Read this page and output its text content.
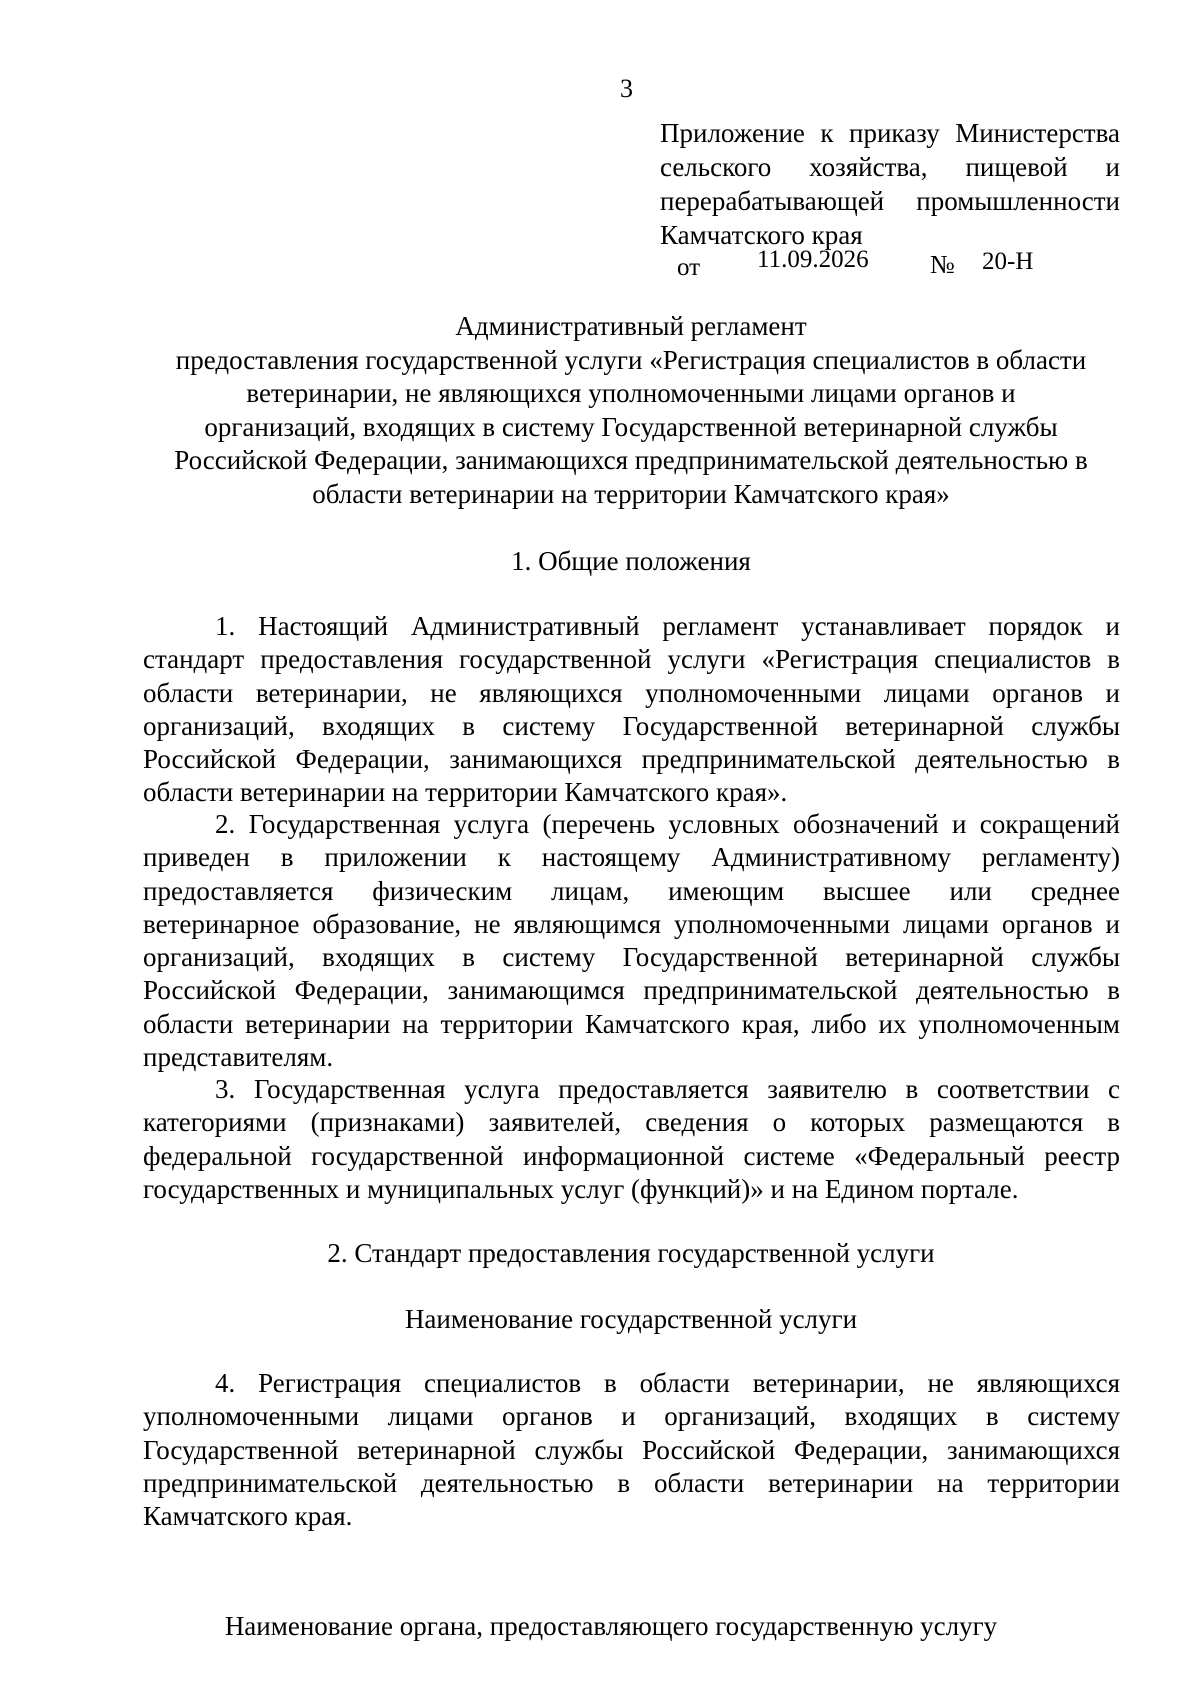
3
Приложение к приказу Министерства
сельского хозяйства, пищевой и
перерабатывающей промышленности
Камчатского края
от 11.09.2026 № 20-Н
Административный регламент
предоставления государственной услуги «Регистрация специалистов в области
ветеринарии, не являющихся уполномоченными лицами органов и
организаций, входящих в систему Государственной ветеринарной службы
Российской Федерации, занимающихся предпринимательской деятельностью в
области ветеринарии на территории Камчатского края»
1. Общие положения
1. Настоящий Административный регламент устанавливает порядок и
стандарт предоставления государственной услуги «Регистрация специалистов в
области ветеринарии, не являющихся уполномоченными лицами органов и
организаций, входящих в систему Государственной ветеринарной службы
Российской Федерации, занимающихся предпринимательской деятельностью в
области ветеринарии на территории Камчатского края».
2. Государственная услуга (перечень условных обозначений и сокращений
приведен в приложении к настоящему Административному регламенту)
предоставляется физическим лицам, имеющим высшее или среднее
ветеринарное образование, не являющимся уполномоченными лицами органов и
организаций, входящих в систему Государственной ветеринарной службы
Российской Федерации, занимающимся предпринимательской деятельностью в
области ветеринарии на территории Камчатского края, либо их уполномоченным
представителям.
3. Государственная услуга предоставляется заявителю в соответствии с
категориями (признаками) заявителей, сведения о которых размещаются в
федеральной государственной информационной системе «Федеральный реестр
государственных и муниципальных услуг (функций)» и на Едином портале.
2. Стандарт предоставления государственной услуги
Наименование государственной услуги
4. Регистрация специалистов в области ветеринарии, не являющихся
уполномоченными лицами органов и организаций, входящих в систему
Государственной ветеринарной службы Российской Федерации, занимающихся
предпринимательской деятельностью в области ветеринарии на территории
Камчатского края.
Наименование органа, предоставляющего государственную услугу
